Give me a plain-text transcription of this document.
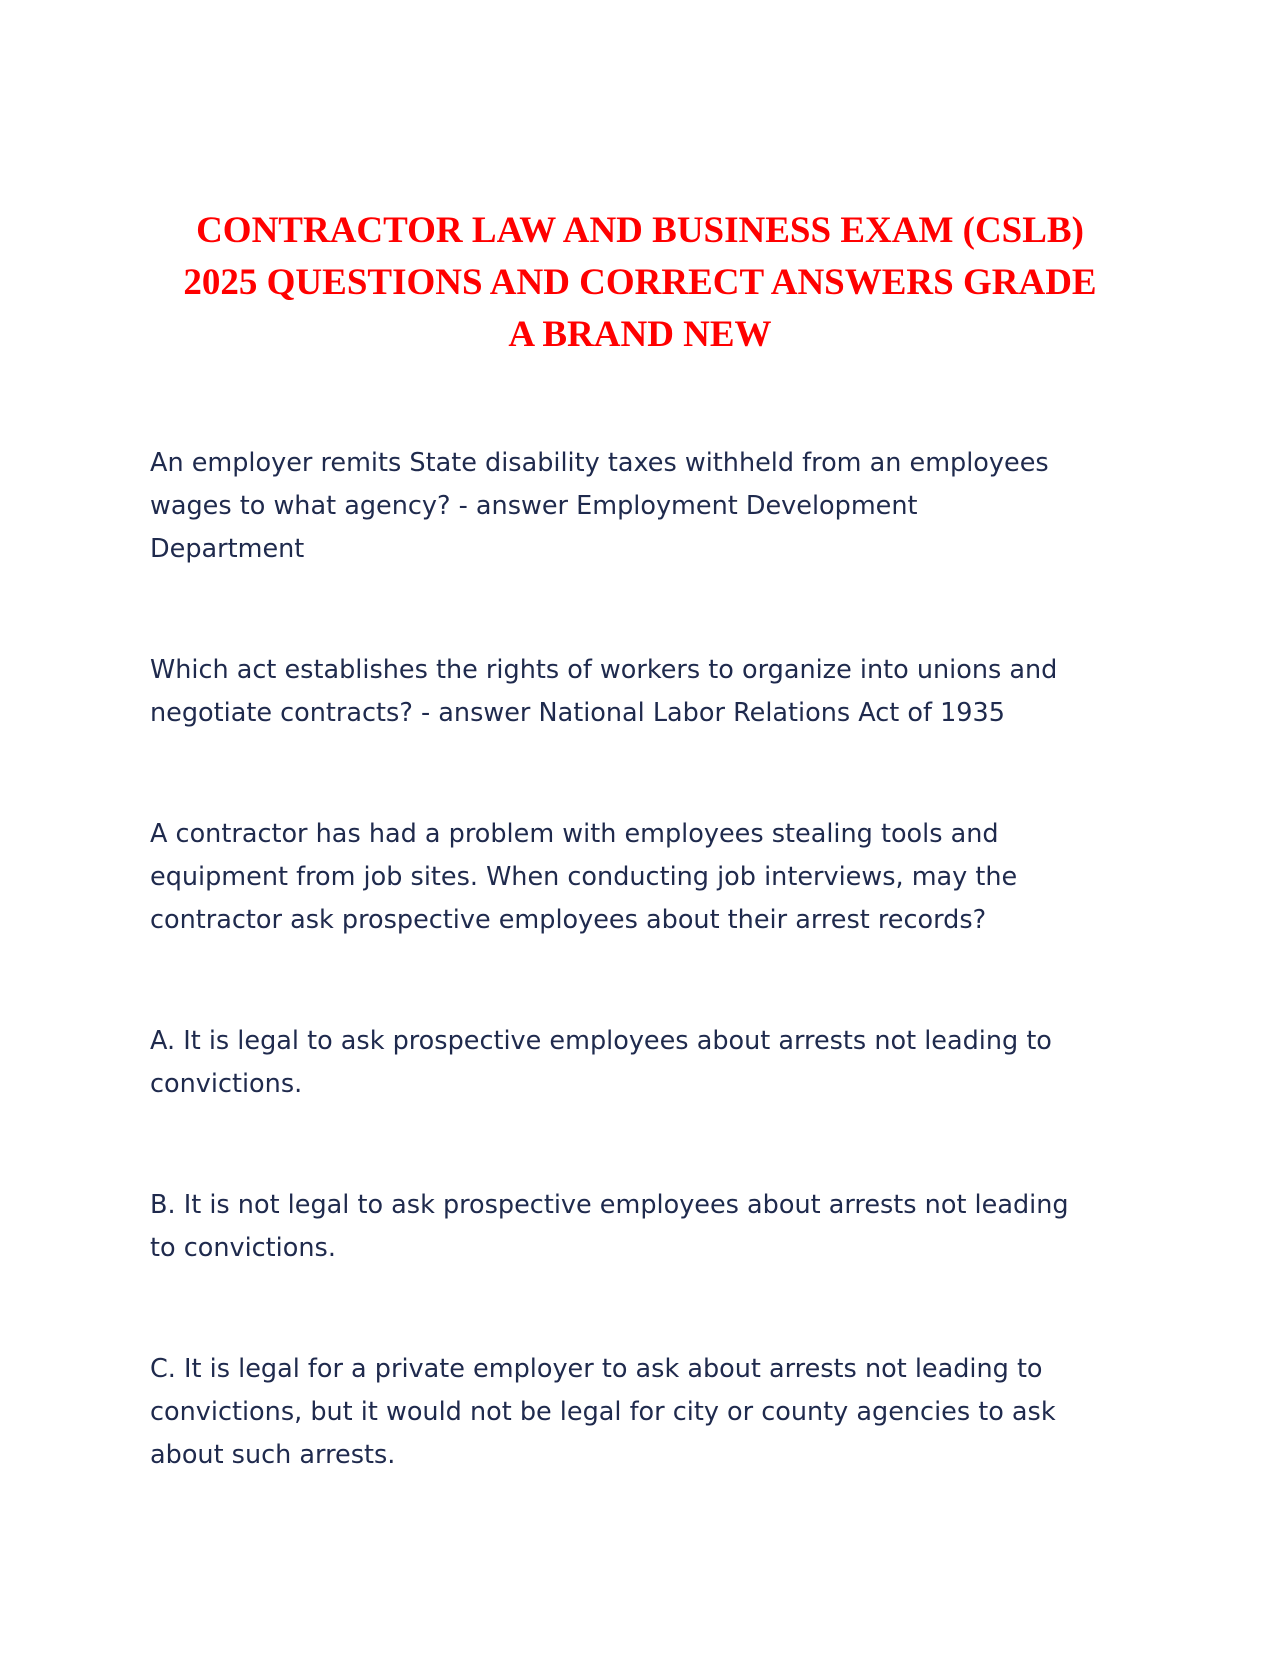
CONTRACTOR LAW AND BUSINESS EXAM (CSLB)
2025 QUESTIONS AND CORRECT ANSWERS GRADE
A BRAND NEW

An employer remits State disability taxes withheld from an employees
wages to what agency? - answer Employment Development
Department

Which act establishes the rights of workers to organize into unions and
negotiate contracts? - answer National Labor Relations Act of 1935

A contractor has had a problem with employees stealing tools and
equipment from job sites. When conducting job interviews, may the
contractor ask prospective employees about their arrest records?

A. It is legal to ask prospective employees about arrests not leading to
convictions.

B. It is not legal to ask prospective employees about arrests not leading
to convictions.

C. It is legal for a private employer to ask about arrests not leading to
convictions, but it would not be legal for city or county agencies to ask
about such arrests.
